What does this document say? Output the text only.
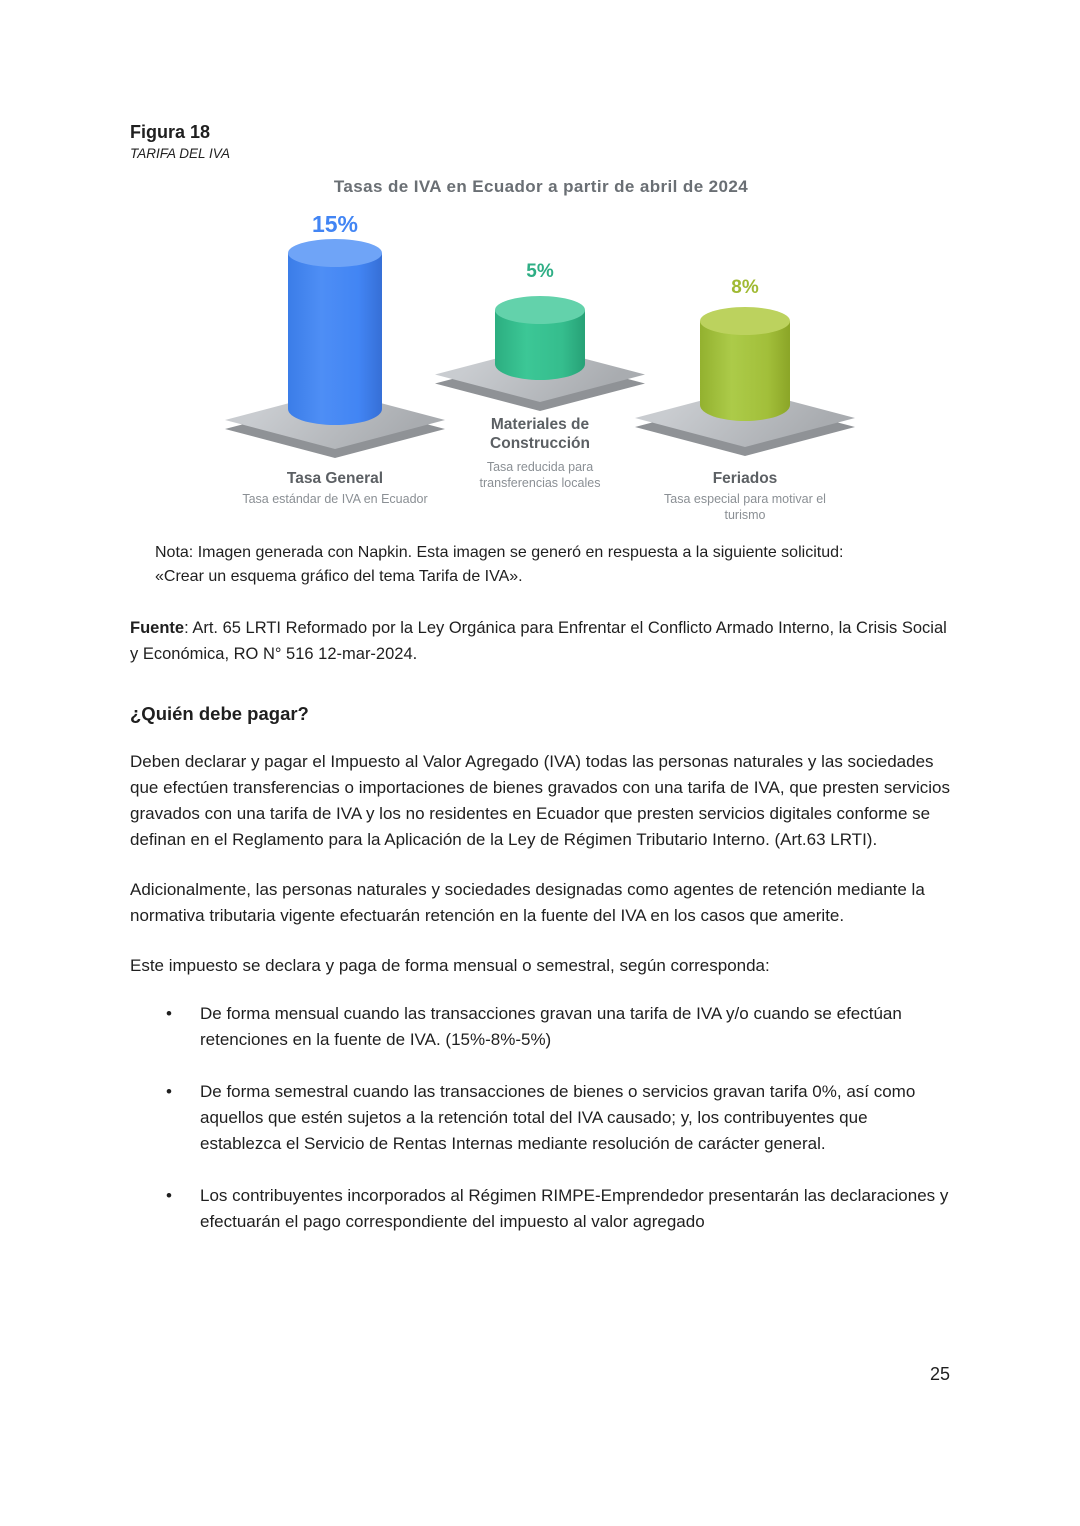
Figura 18
TARIFA DEL IVA
Tasas de IVA en Ecuador a partir de abril de 2024
15%
Tasa General
Tasa estándar de IVA en Ecuador
5%
Materiales de Construcción
Tasa reducida para transferencias locales
8%
Feriados
Tasa especial para motivar el turismo
Nota: Imagen generada con Napkin. Esta imagen se generó en respuesta a la siguiente solicitud:
«Crear un esquema gráfico del tema Tarifa de IVA».
Fuente: Art. 65 LRTI Reformado por la Ley Orgánica para Enfrentar el Conflicto Armado Interno, la Crisis Social y Económica, RO N° 516 12-mar-2024.
¿Quién debe pagar?
Deben declarar y pagar el Impuesto al Valor Agregado (IVA) todas las personas naturales y las sociedades que efectúen transferencias o importaciones de bienes gravados con una tarifa de IVA, que presten servicios gravados con una tarifa de IVA y los no residentes en Ecuador que presten servicios digitales conforme se definan en el Reglamento para la Aplicación de la Ley de Régimen Tributario Interno. (Art.63 LRTI).
Adicionalmente, las personas naturales y sociedades designadas como agentes de retención mediante la normativa tributaria vigente efectuarán retención en la fuente del IVA en los casos que amerite.
Este impuesto se declara y paga de forma mensual o semestral, según corresponda:
• De forma mensual cuando las transacciones gravan una tarifa de IVA y/o cuando se efectúan retenciones en la fuente de IVA. (15%-8%-5%)
• De forma semestral cuando las transacciones de bienes o servicios gravan tarifa 0%, así como aquellos que estén sujetos a la retención total del IVA causado; y, los contribuyentes que establezca el Servicio de Rentas Internas mediante resolución de carácter general.
• Los contribuyentes incorporados al Régimen RIMPE-Emprendedor presentarán las declaraciones y efectuarán el pago correspondiente del impuesto al valor agregado
25
